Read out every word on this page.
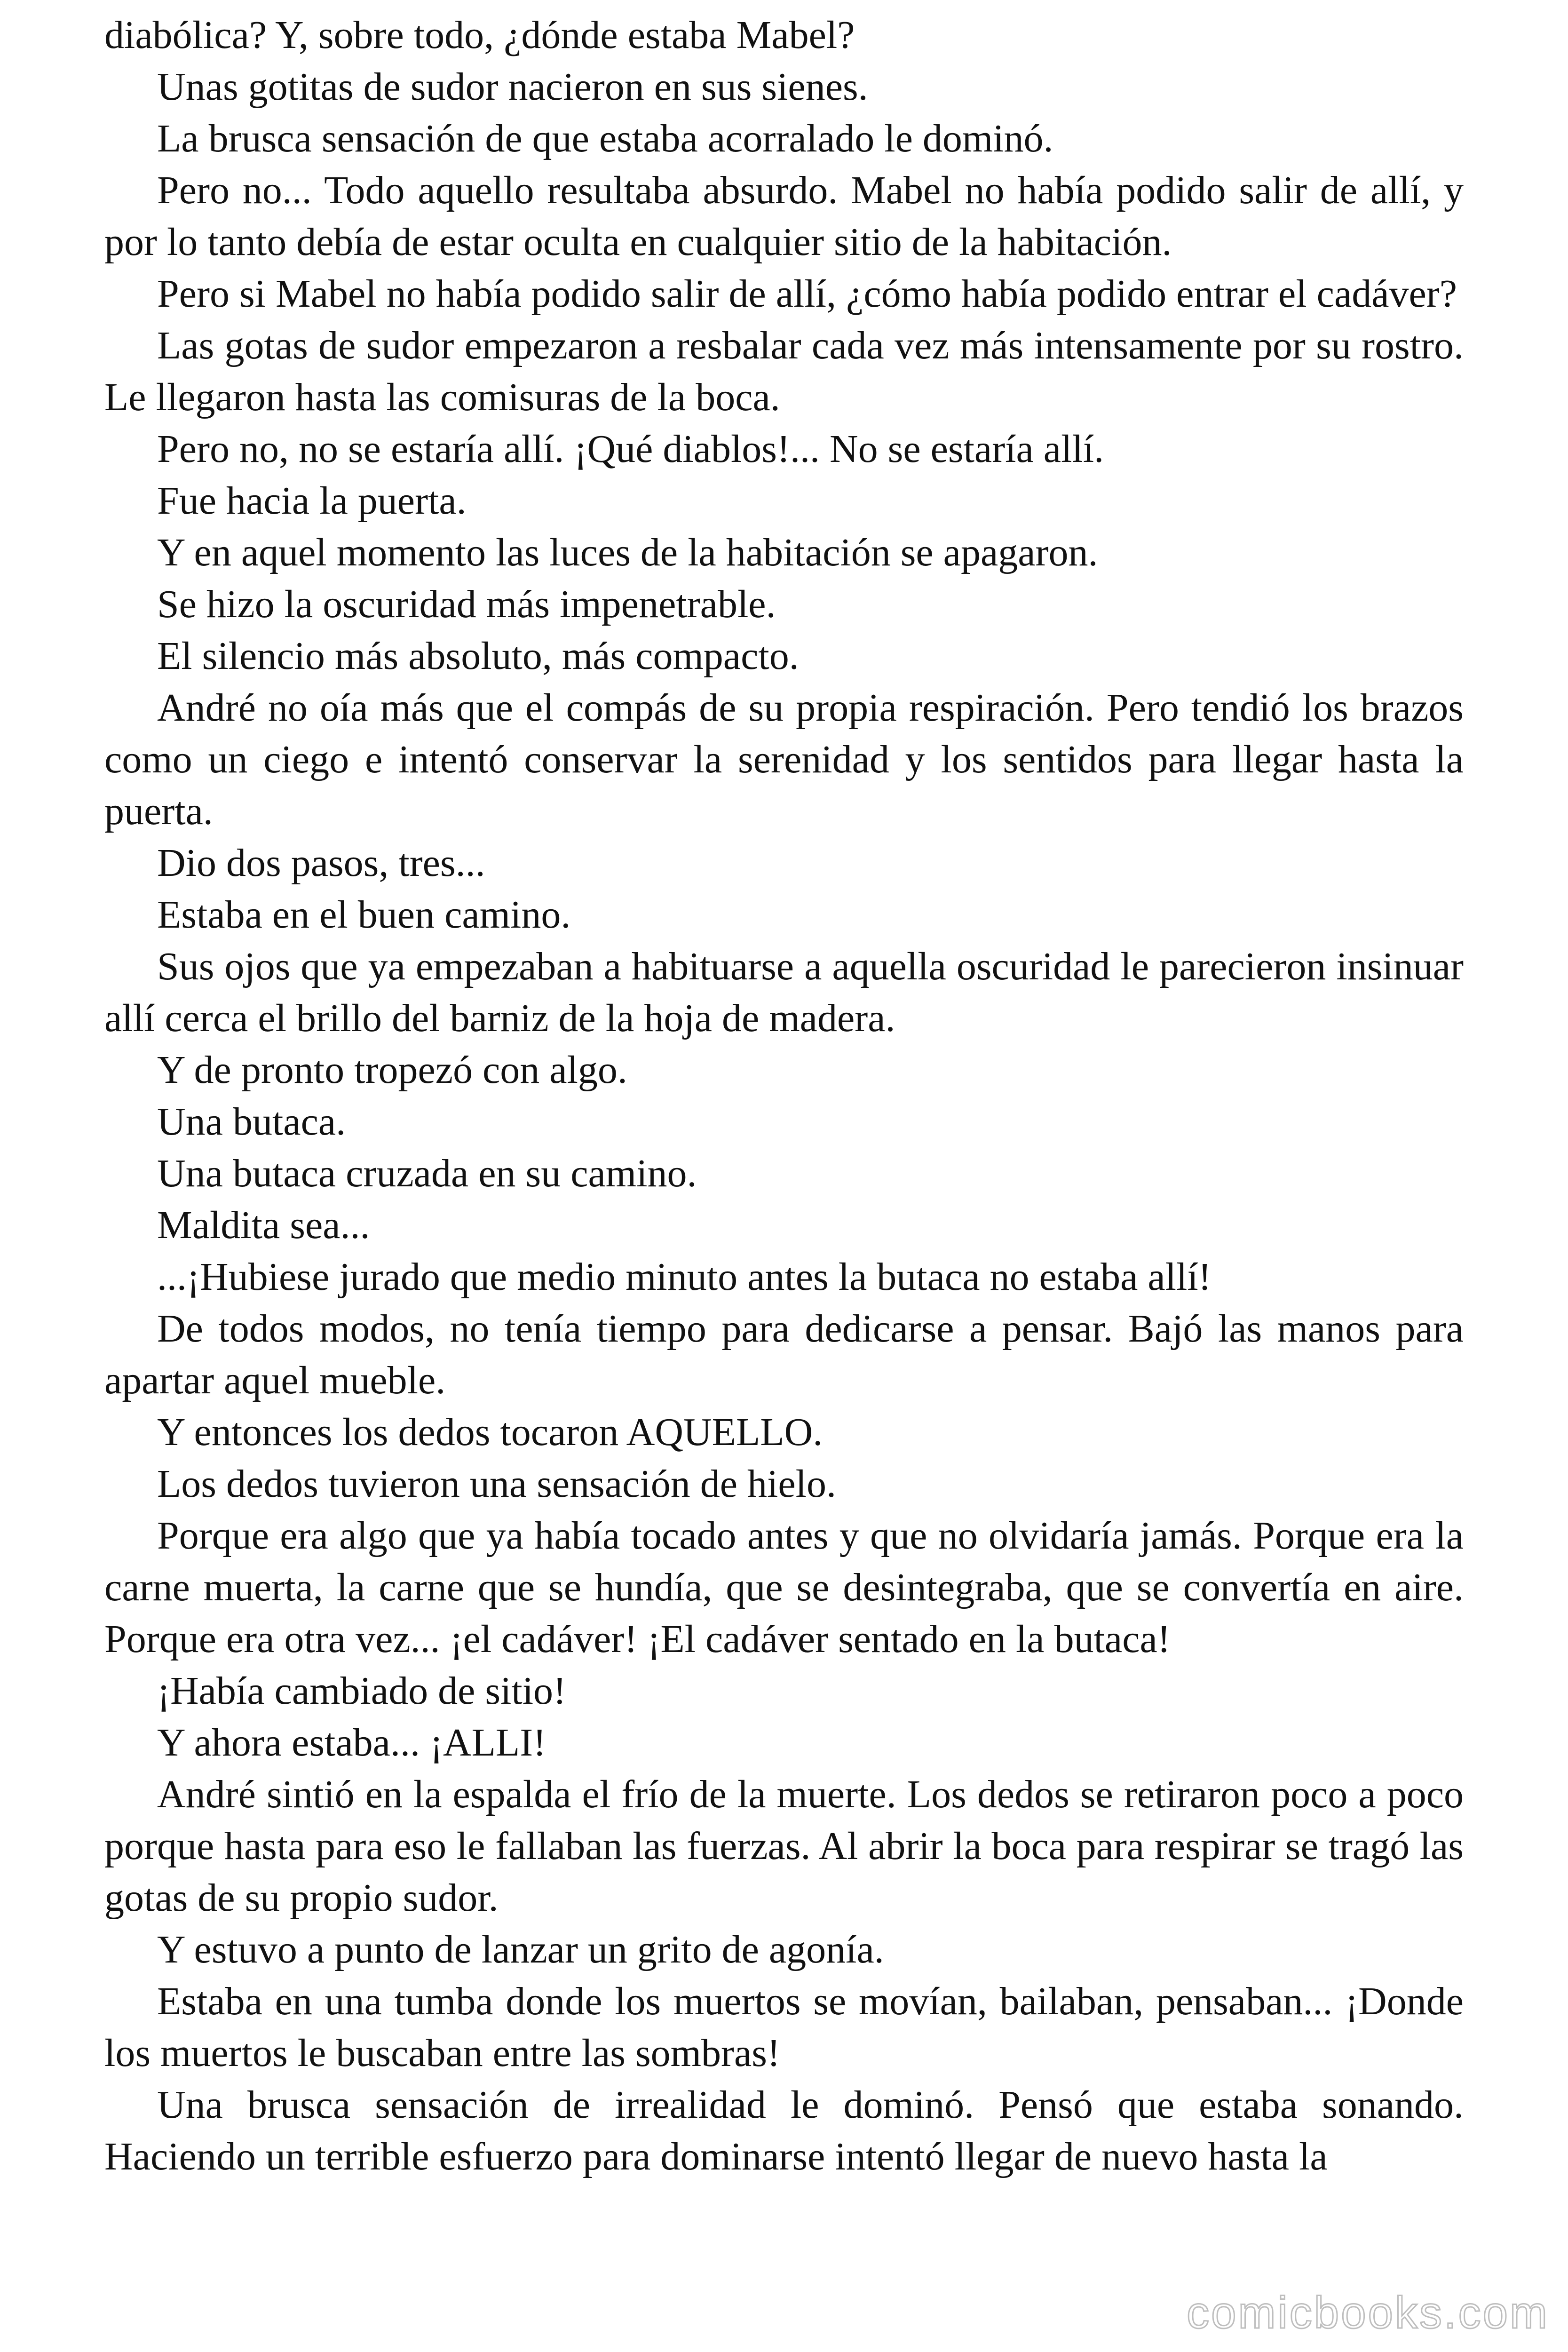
diabólica? Y, sobre todo, ¿dónde estaba Mabel?

Unas gotitas de sudor nacieron en sus sienes.

La brusca sensación de que estaba acorralado le dominó.

Pero no... Todo aquello resultaba absurdo. Mabel no había podido salir de allí, y por lo tanto debía de estar oculta en cualquier sitio de la habitación.

Pero si Mabel no había podido salir de allí, ¿cómo había podido entrar el cadáver?

Las gotas de sudor empezaron a resbalar cada vez más intensamente por su rostro. Le llegaron hasta las comisuras de la boca.

Pero no, no se estaría allí. ¡Qué diablos!... No se estaría allí.

Fue hacia la puerta.

Y en aquel momento las luces de la habitación se apagaron.

Se hizo la oscuridad más impenetrable.

El silencio más absoluto, más compacto.

André no oía más que el compás de su propia respiración. Pero tendió los brazos como un ciego e intentó conservar la serenidad y los sentidos para llegar hasta la puerta.

Dio dos pasos, tres...

Estaba en el buen camino.

Sus ojos que ya empezaban a habituarse a aquella oscuridad le parecieron insinuar allí cerca el brillo del barniz de la hoja de madera.

Y de pronto tropezó con algo.

Una butaca.

Una butaca cruzada en su camino.

Maldita sea...

...¡Hubiese jurado que medio minuto antes la butaca no estaba allí!

De todos modos, no tenía tiempo para dedicarse a pensar. Bajó las manos para apartar aquel mueble.

Y entonces los dedos tocaron AQUELLO.

Los dedos tuvieron una sensación de hielo.

Porque era algo que ya había tocado antes y que no olvidaría jamás. Porque era la carne muerta, la carne que se hundía, que se desintegraba, que se convertía en aire. Porque era otra vez... ¡el cadáver! ¡El cadáver sentado en la butaca!

¡Había cambiado de sitio!

Y ahora estaba... ¡ALLI!

André sintió en la espalda el frío de la muerte. Los dedos se retiraron poco a poco porque hasta para eso le fallaban las fuerzas. Al abrir la boca para respirar se tragó las gotas de su propio sudor.

Y estuvo a punto de lanzar un grito de agonía.

Estaba en una tumba donde los muertos se movían, bailaban, pensaban... ¡Donde los muertos le buscaban entre las sombras!

Una brusca sensación de irrealidad le dominó. Pensó que estaba sonando. Haciendo un terrible esfuerzo para dominarse intentó llegar de nuevo hasta la

comicbooks.com
